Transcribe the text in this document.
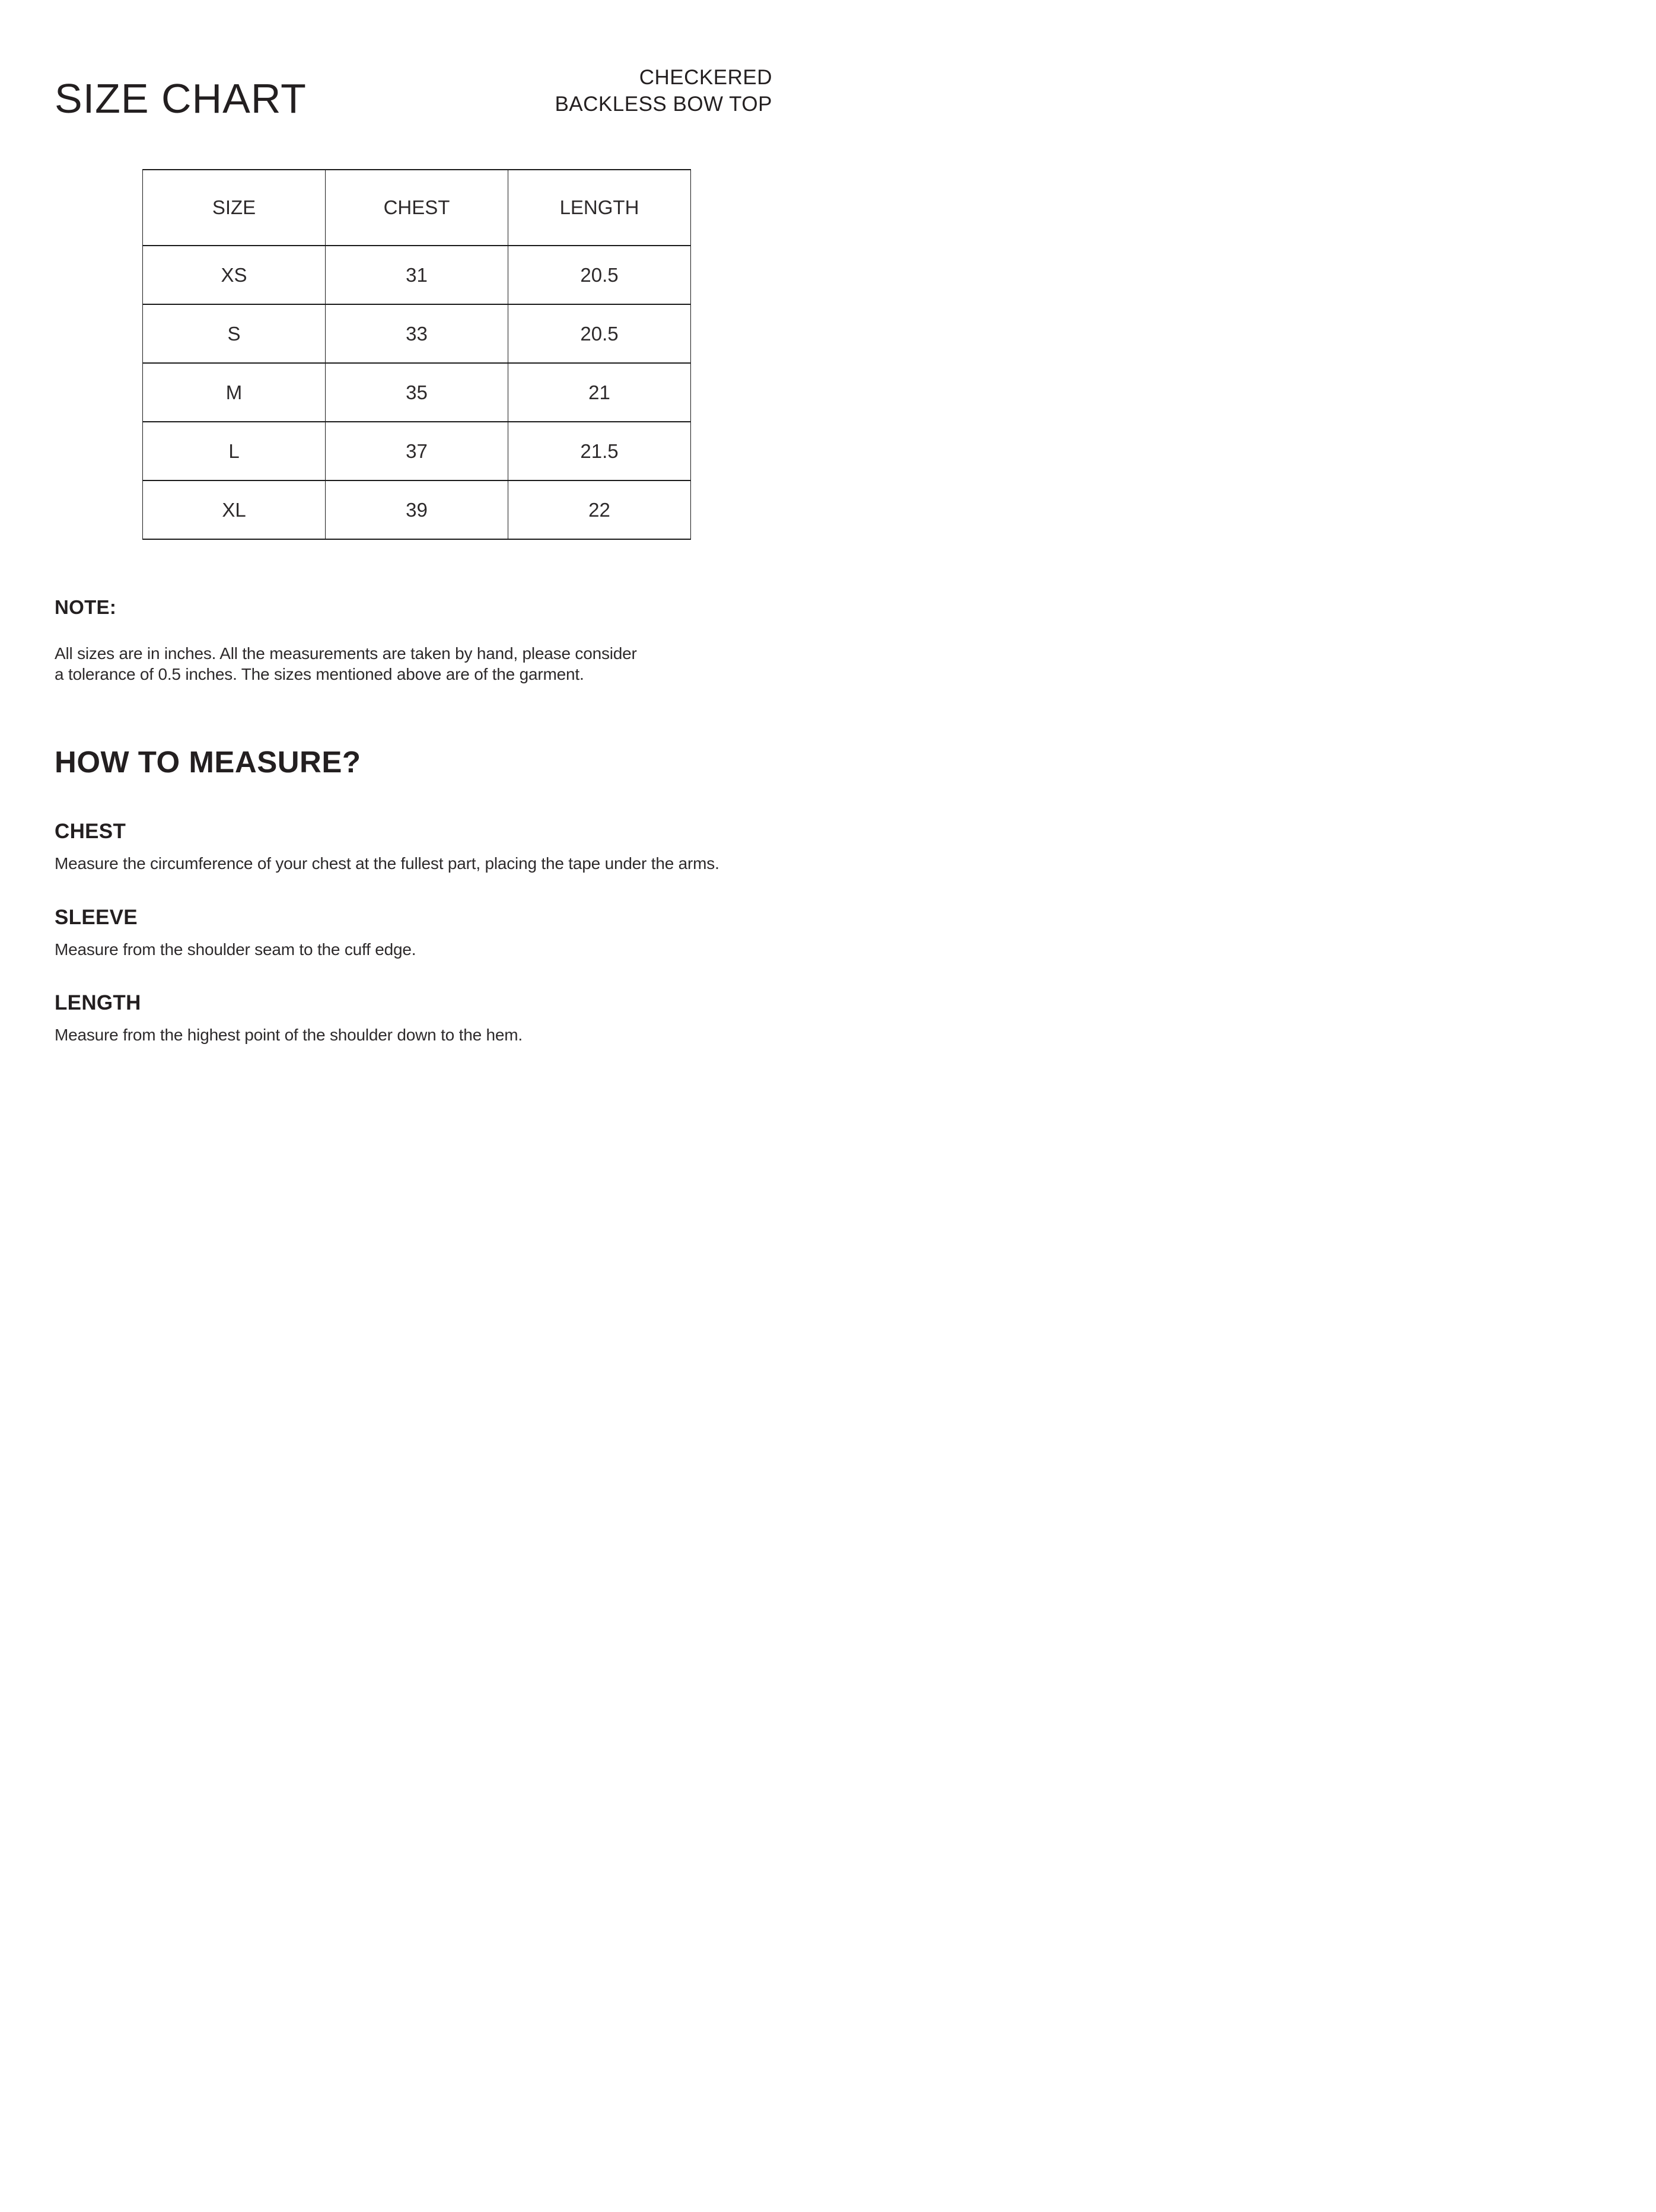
SIZE CHART	CHECKERED
BACKLESS BOW TOP
SIZE	CHEST	LENGTH
XS	31	20.5
S	33	20.5
M	35	21
L	37	21.5
XL	39	22
NOTE:
All sizes are in inches. All the measurements are taken by hand, please consider
a tolerance of 0.5 inches. The sizes mentioned above are of the garment.
HOW TO MEASURE?
CHEST
Measure the circumference of your chest at the fullest part, placing the tape under the arms.
SLEEVE
Measure from the shoulder seam to the cuff edge.
LENGTH
Measure from the highest point of the shoulder down to the hem.
